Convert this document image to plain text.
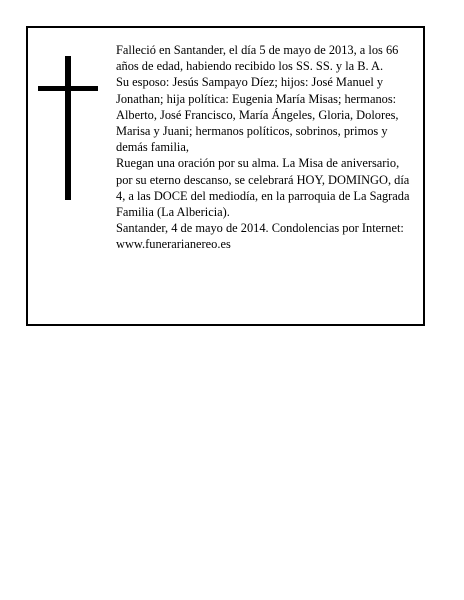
Falleció en Santander, el día 5 de mayo de 2013, a los 66 años de edad, habiendo recibido los SS. SS. y la B. A.

Su esposo: Jesús Sampayo Díez; hijos: José Manuel y Jonathan; hija política: Eugenia María Misas; hermanos: Alberto, José Francisco, María Ángeles, Gloria, Dolores, Marisa y Juani; hermanos políticos, sobrinos, primos y demás familia,

Ruegan una oración por su alma. La Misa de aniversario, por su eterno descanso, se celebrará HOY, DOMINGO, día 4, a las DOCE del mediodía, en la parroquia de La Sagrada Familia (La Albericia).

Santander, 4 de mayo de 2014. Condolencias por Internet: www.funerarianereo.es
